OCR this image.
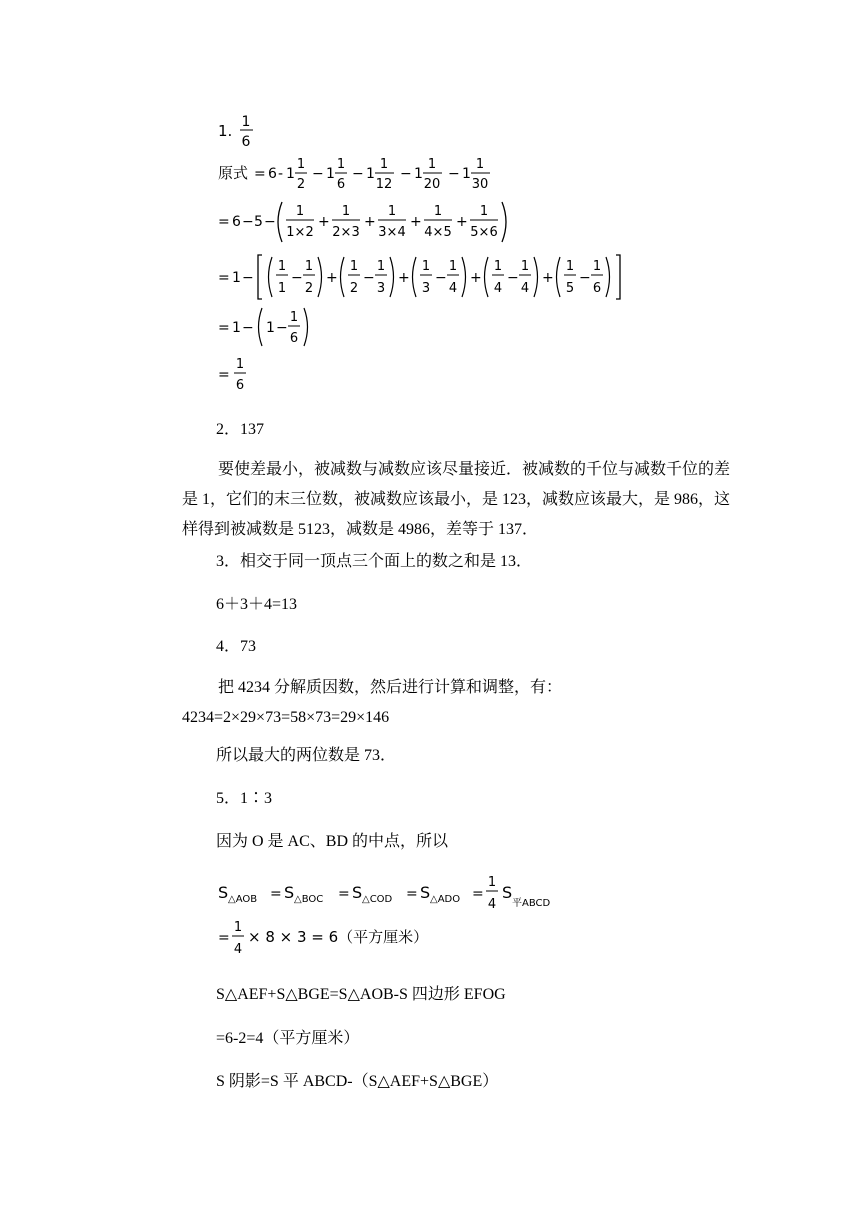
1. 1
6
原式 = 6 - 1
1
2
− 1
1
6
− 1
1
12
− 1
1
20
− 1
1
30
= 6 − 5 −
1
1×2
+
1
2×3
+
1
3×4
+
1
4×5
+
1
5×6
= 1 −
1
1
−
1
2
+
1
2
−
1
3
+
1
3
−
1
4
+
1
4
−
1
4
+
1
5
−
1
6
= 1 − 1 −
1
6
=
1
6
2．137
要使差最小，被减数与减数应该尽量接近．被减数的千位与减数千位的差是 1，它们的末三位数，被减数应该最小，是 123，减数应该最大，是 986，这样得到被减数是 5123，减数是 4986，差等于 137．
3．相交于同一顶点三个面上的数之和是 13．
6＋3＋4=13
4．73
把 4234 分解质因数，然后进行计算和调整，有：4234=2×29×73=58×73=29×146
所以最大的两位数是 73．
5．1∶3
因为 O 是 AC、BD 的中点，所以
S △AOB = S △BOC = S △COD = S △ADO =
1
4
S
平ABCD
=
1
4
× 8 × 3 = 6（平方厘米）
S△AEF+S△BGE=S△AOB-S 四边形 EFOG
=6-2=4（平方厘米）
S 阴影=S 平 ABCD-（S△AEF+S△BGE）
